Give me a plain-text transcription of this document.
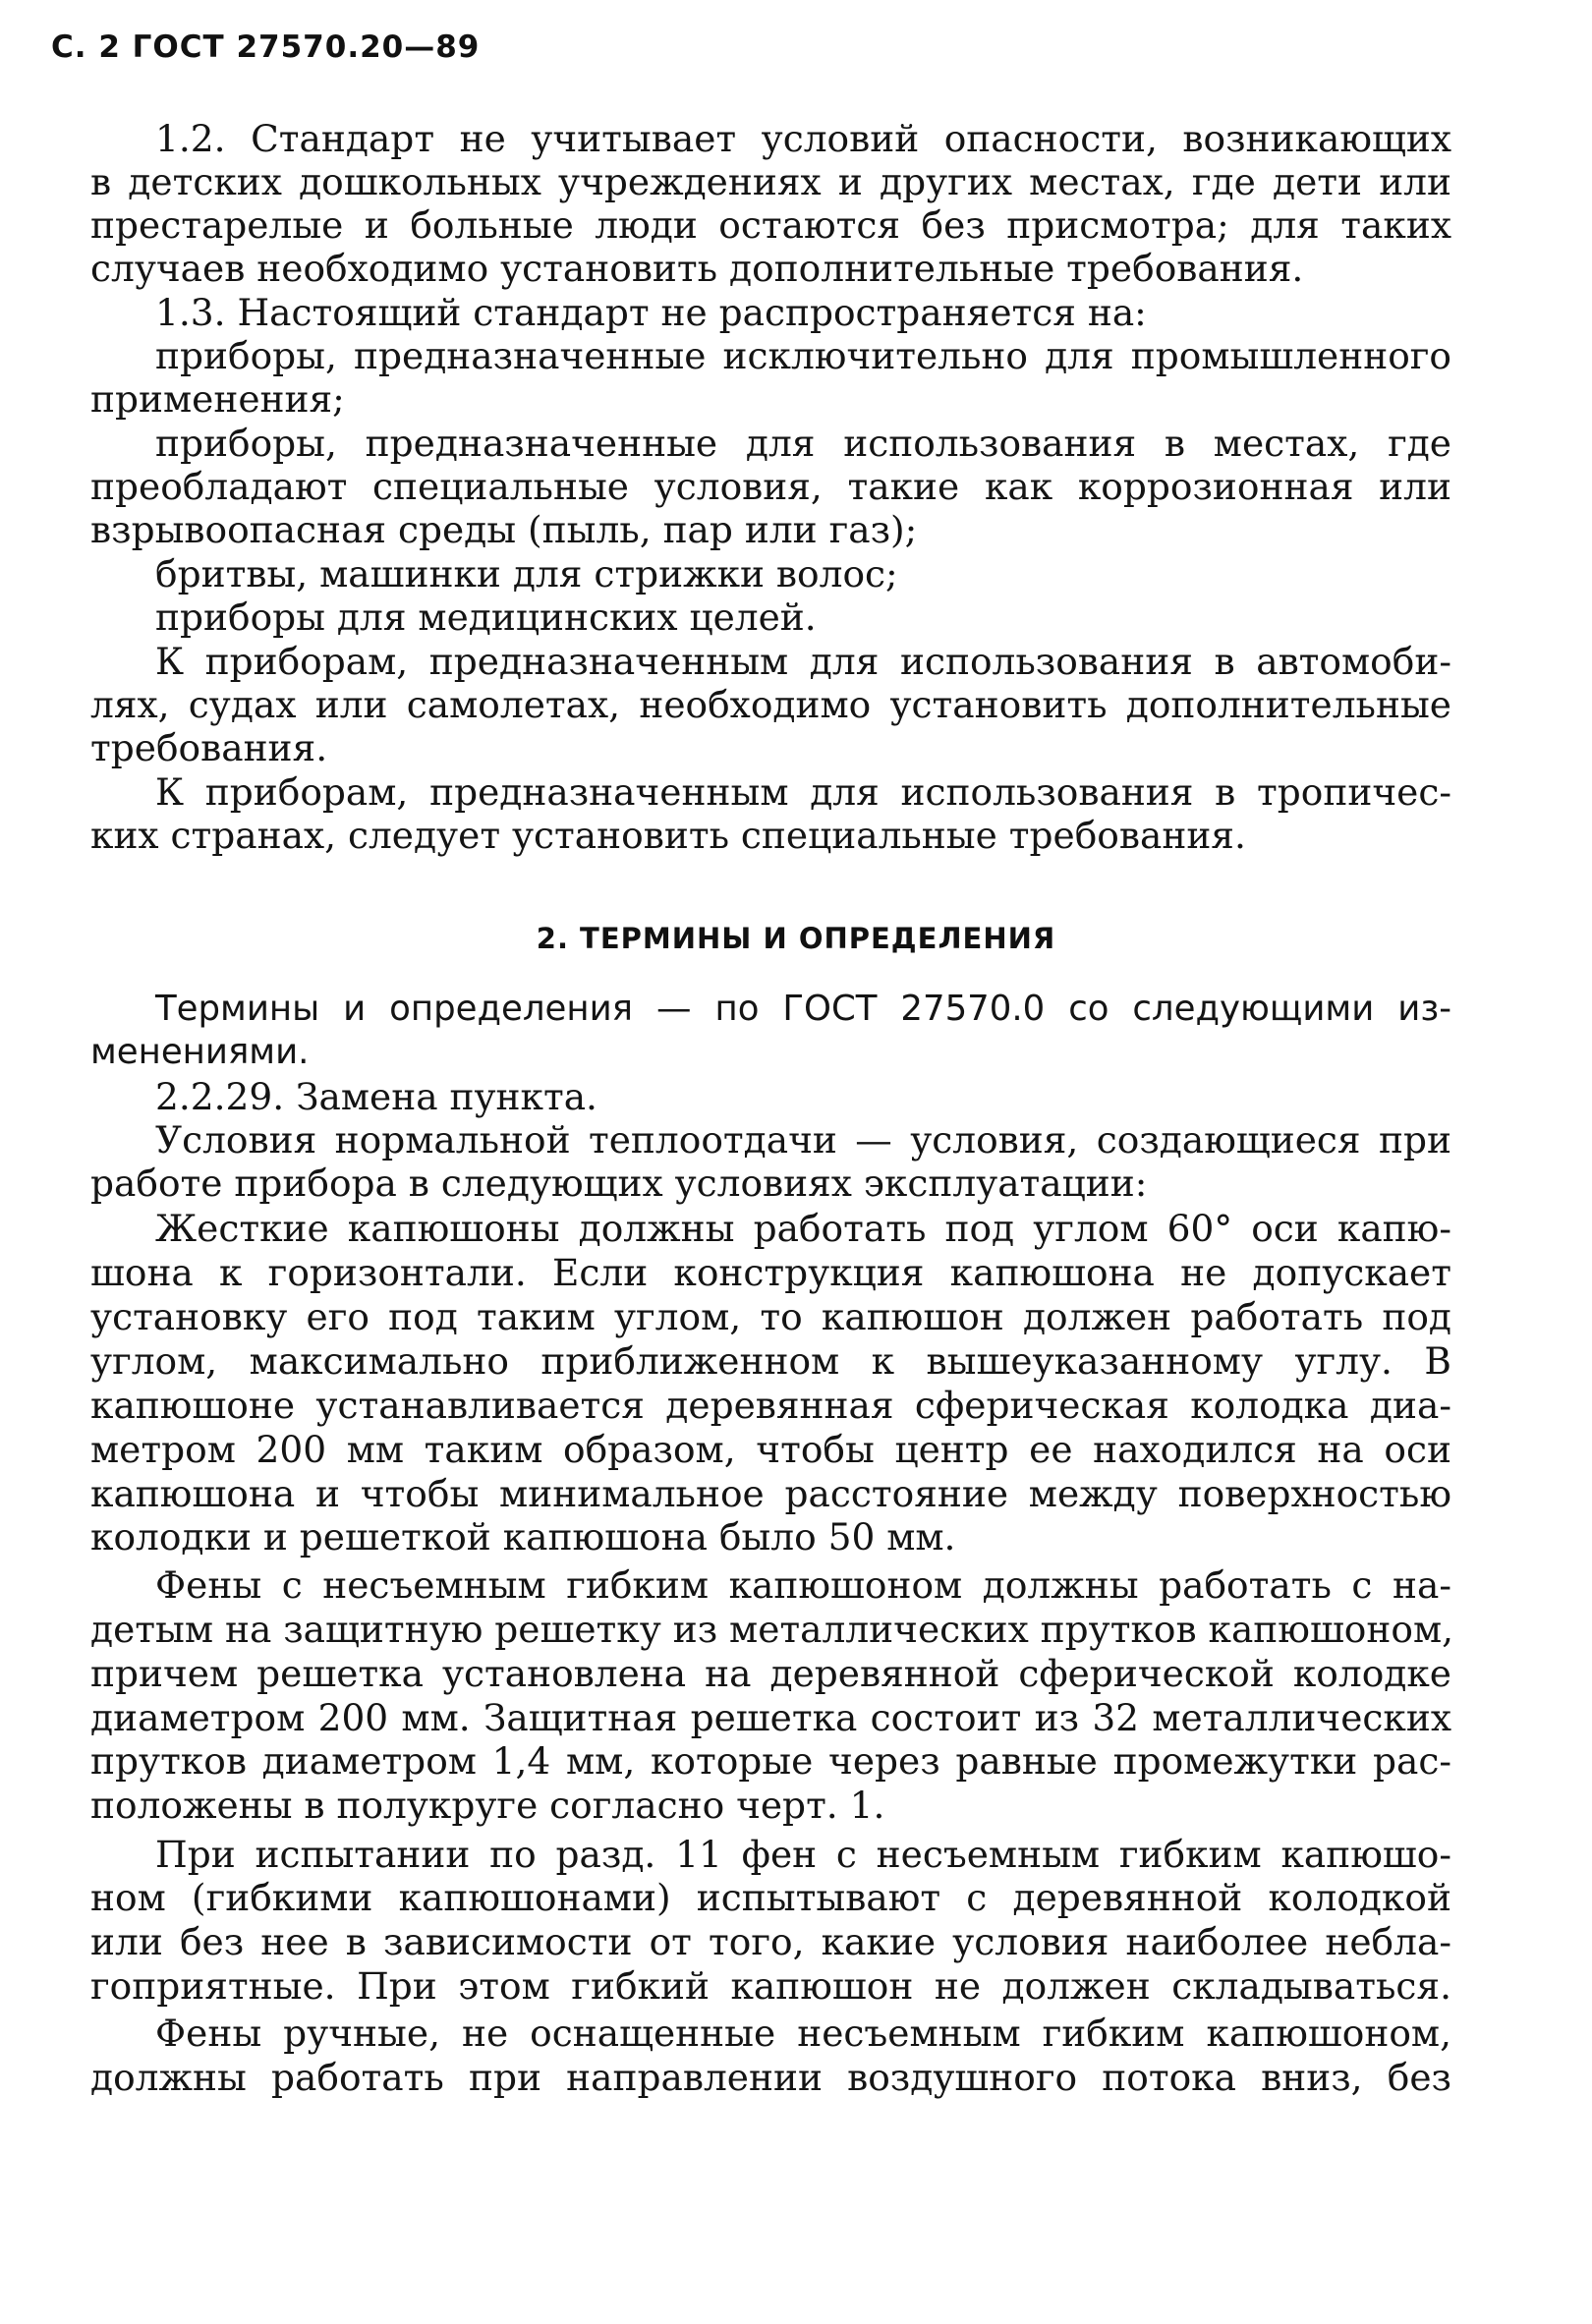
С. 2 ГОСТ 27570.20—89

1.2. Стандарт не учитывает условий опасности, возникающих

в детских дошкольных учреждениях и других местах, где дети или

престарелые и больные люди остаются без присмотра; для таких

случаев необходимо установить дополнительные требования.

1.3. Настоящий стандарт не распространяется на:

приборы, предназначенные исключительно для промышленного

применения;

приборы, предназначенные для использования в местах, где

преобладают специальные условия, такие как коррозионная или

взрывоопасная среды (пыль, пар или газ);

бритвы, машинки для стрижки волос;

приборы для медицинских целей.

К приборам, предназначенным для использования в автомоби-

лях, судах или самолетах, необходимо установить дополнительные

требования.

К приборам, предназначенным для использования в тропичес-

ких странах, следует установить специальные требования.

Термины и определения — по ГОСТ 27570.0 со следующими из-

менениями.

2.2.29. Замена пункта.

Условия нормальной теплоотдачи — условия, создающиеся при

работе прибора в следующих условиях эксплуатации:

Жесткие капюшоны должны работать под углом 60° оси капю-

шона к горизонтали. Если конструкция капюшона не допускает

установку его под таким углом, то капюшон должен работать под

углом, максимально приближенном к вышеуказанному углу. В

капюшоне устанавливается деревянная сферическая колодка диа-

метром 200 мм таким образом, чтобы центр ее находился на оси

капюшона и чтобы минимальное расстояние между поверхностью

колодки и решеткой капюшона было 50 мм.

Фены с несъемным гибким капюшоном должны работать с на-

детым на защитную решетку из металлических прутков капюшоном,

причем решетка установлена на деревянной сферической колодке

диаметром 200 мм. Защитная решетка состоит из 32 металлических

прутков диаметром 1,4 мм, которые через равные промежутки рас-

положены в полукруге согласно черт. 1.

При испытании по разд. 11 фен с несъемным гибким капюшо-

ном (гибкими капюшонами) испытывают с деревянной колодкой

или без нее в зависимости от того, какие условия наиболее небла-

гоприятные. При этом гибкий капюшон не должен складываться.

Фены ручные, не оснащенные несъемным гибким капюшоном,

должны работать при направлении воздушного потока вниз, без

2. ТЕРМИНЫ И ОПРЕДЕЛЕНИЯ
